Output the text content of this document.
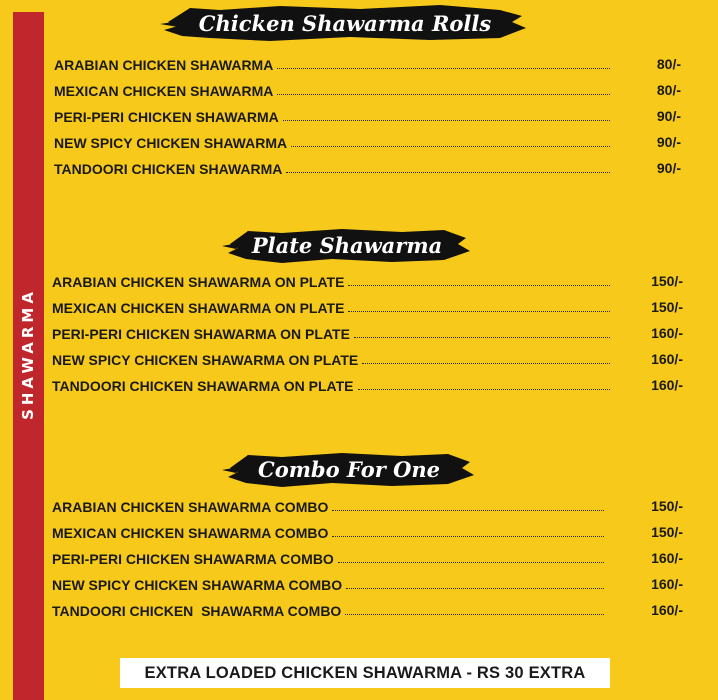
SHAWARMA
Chicken Shawarma Rolls
ARABIAN CHICKEN SHAWARMA	80/-
MEXICAN CHICKEN SHAWARMA	80/-
PERI-PERI CHICKEN SHAWARMA	90/-
NEW SPICY CHICKEN SHAWARMA	90/-
TANDOORI CHICKEN SHAWARMA	90/-
Plate Shawarma
ARABIAN CHICKEN SHAWARMA ON PLATE	150/-
MEXICAN CHICKEN SHAWARMA ON PLATE	150/-
PERI-PERI CHICKEN SHAWARMA ON PLATE	160/-
NEW SPICY CHICKEN SHAWARMA ON PLATE	160/-
TANDOORI CHICKEN SHAWARMA ON PLATE	160/-
Combo For One
ARABIAN CHICKEN SHAWARMA COMBO	150/-
MEXICAN CHICKEN SHAWARMA COMBO	150/-
PERI-PERI CHICKEN SHAWARMA COMBO	160/-
NEW SPICY CHICKEN SHAWARMA COMBO	160/-
TANDOORI CHICKEN  SHAWARMA COMBO	160/-
EXTRA LOADED CHICKEN SHAWARMA - RS 30 EXTRA
